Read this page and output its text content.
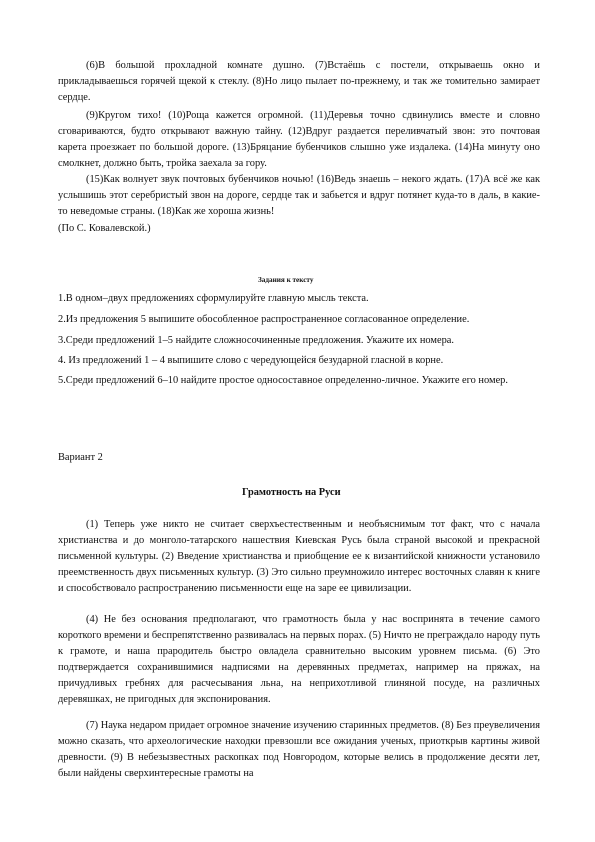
(6)В большой прохладной комнате душно. (7)Встаёшь с постели, открываешь окно и прикладываешься горячей щекой к стеклу. (8)Но лицо пылает по-прежнему, и так же томительно замирает сердце.

(9)Кругом тихо! (10)Роща кажется огромной. (11)Деревья точно сдвинулись вместе и словно сговариваются, будто открывают важную тайну. (12)Вдруг раздается переливчатый звон: это почтовая карета проезжает по большой дороге. (13)Бряцание бубенчиков слышно уже издалека. (14)На минуту оно смолкнет, должно быть, тройка заехала за гору.

(15)Как волнует звук почтовых бубенчиков ночью! (16)Ведь знаешь – некого ждать. (17)А всё же как услышишь этот серебристый звон на дороге, сердце так и забьется и вдруг потянет куда-то в даль, в какие-то неведомые страны. (18)Как же хороша жизнь!

(По С. Ковалевской.)

Задания к тексту

1.В одном–двух предложениях сформулируйте главную мысль текста.

2.Из предложения 5 выпишите обособленное распространенное согласованное определение.

3.Среди предложений 1–5 найдите сложносочиненные предложения. Укажите их номера.

4. Из предложений 1 – 4 выпишите слово с чередующейся безударной гласной в корне.

5.Среди предложений 6–10 найдите простое односоставное определенно-личное. Укажите его номер.

Вариант 2

Грамотность на Руси

(1) Теперь уже никто не считает сверхъестественным и необъяснимым тот факт, что с начала христианства и до монголо-татарского нашествия Киевская Русь была страной высокой и прекрасной письменной культуры. (2) Введение христианства и приобщение ее к византийской книжности установило преемственность двух письменных культур. (3) Это сильно преумножило интерес восточных славян к книге и способствовало распространению письменности еще на заре ее цивилизации.

(4) Не без основания предполагают, что грамотность была у нас воспринята в течение самого короткого времени и беспрепятственно развивалась на первых порах. (5) Ничто не преграждало народу путь к грамоте, и наша прародитель быстро овладела сравнительно высоким уровнем письма. (6) Это подтверждается сохранившимися надписями на деревянных предметах, например на пряжах, на причудливых гребнях для расчесывания льна, на неприхотливой глиняной посуде, на различных деревяшках, не пригодных для экспонирования.

(7) Наука недаром придает огромное значение изучению старинных предметов. (8) Без преувеличения можно сказать, что археологические находки превзошли все ожидания ученых, приоткрыв картины живой древности. (9) В небезызвестных раскопках под Новгородом, которые велись в продолжение десяти лет, были найдены сверхинтересные грамоты на
